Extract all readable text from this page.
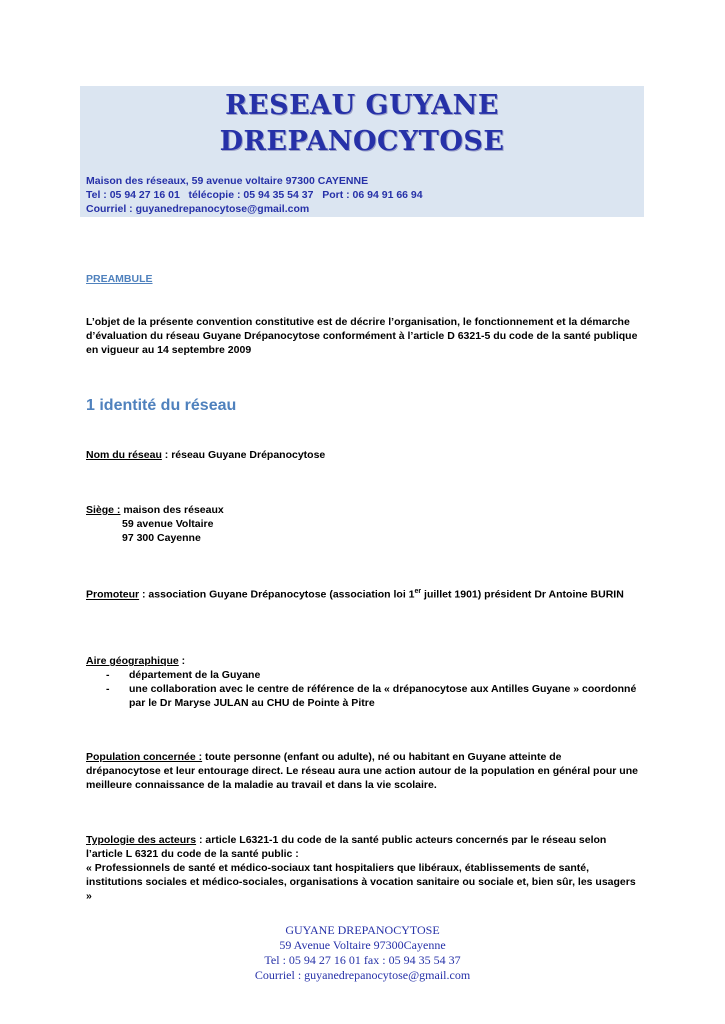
RESEAU GUYANE
DREPANOCYTOSE
Maison des réseaux, 59 avenue voltaire 97300 CAYENNE
Tel : 05 94 27 16 01   télécopie : 05 94 35 54 37   Port : 06 94 91 66 94
Courriel : guyanedrepanocytose@gmail.com
PREAMBULE
L’objet de la présente convention constitutive est de décrire l’organisation, le fonctionnement et la démarche d’évaluation du réseau Guyane Drépanocytose conformément à l’article D 6321-5 du code de la santé publique en vigueur au 14 septembre 2009
1 identité du réseau
Nom du réseau : réseau Guyane Drépanocytose
Siège : maison des réseaux
59 avenue Voltaire
97 300 Cayenne
Promoteur : association Guyane Drépanocytose (association loi 1er juillet 1901) président Dr Antoine BURIN
Aire géographique :
- département de la Guyane
- une collaboration avec le centre de référence de la « drépanocytose aux Antilles Guyane » coordonné par le Dr Maryse JULAN au CHU de Pointe à Pitre
Population concernée : toute personne (enfant ou adulte), né ou habitant en Guyane atteinte de drépanocytose et leur entourage direct. Le réseau aura une action autour de la population en général pour une meilleure connaissance de la maladie au travail et dans la vie scolaire.
Typologie des acteurs : article L6321-1 du code de la santé public acteurs concernés par le réseau selon l’article L 6321 du code de la santé public :
« Professionnels de santé et médico-sociaux tant hospitaliers que libéraux, établissements de santé, institutions sociales et médico-sociales, organisations à vocation sanitaire ou sociale et, bien sûr, les usagers »
GUYANE DREPANOCYTOSE
59 Avenue Voltaire 97300Cayenne
Tel : 05 94 27 16 01 fax : 05 94 35 54 37
Courriel : guyanedrepanocytose@gmail.com
